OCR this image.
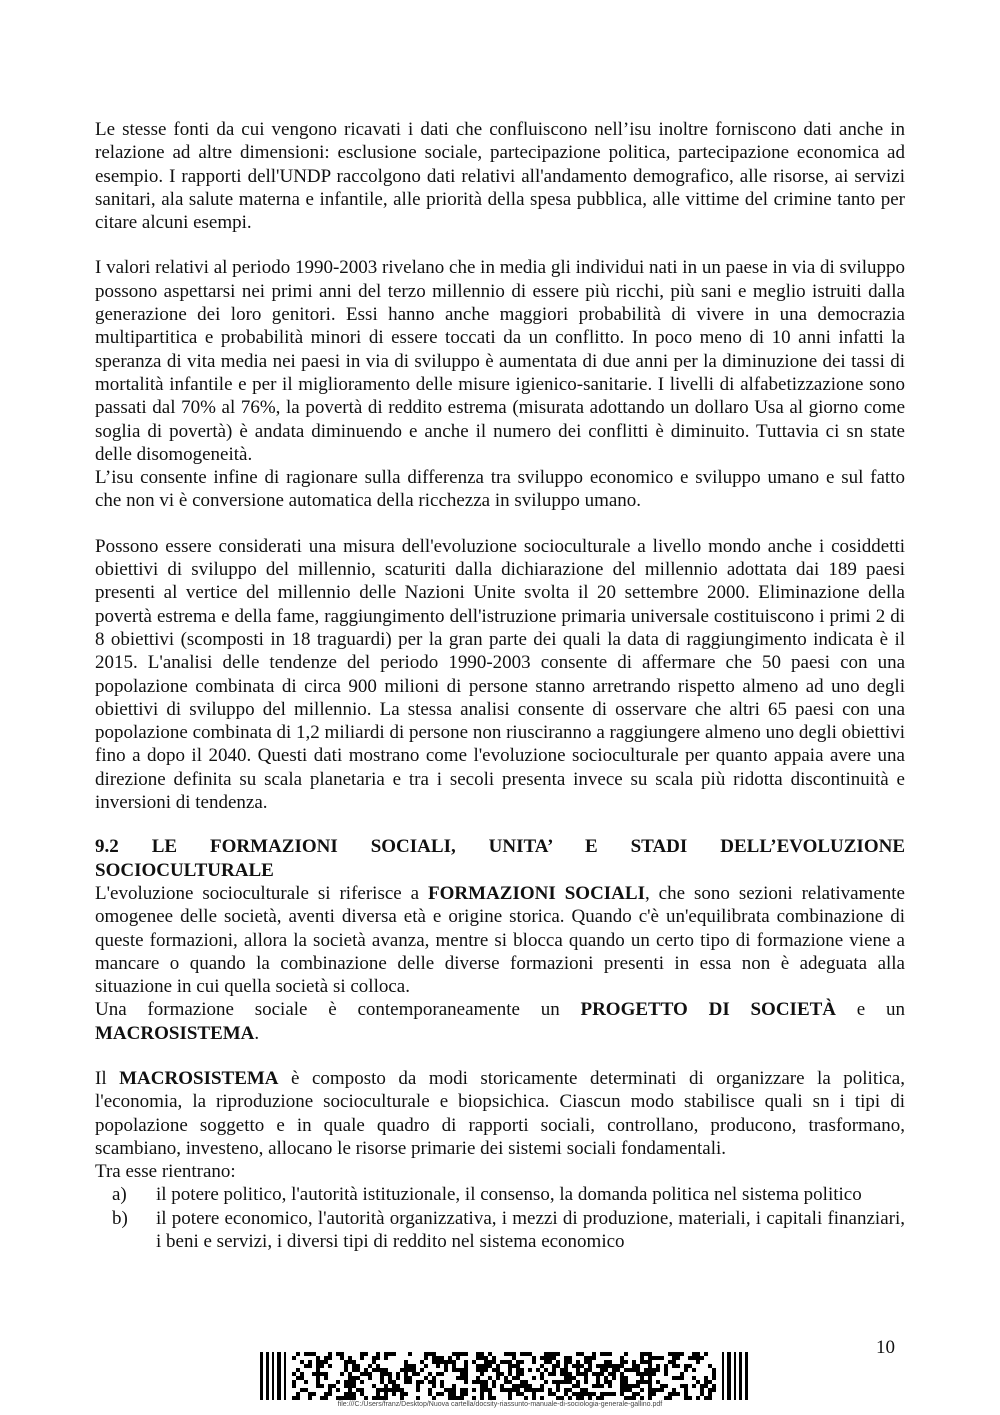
Le stesse fonti da cui vengono ricavati i dati che confluiscono nell’isu inoltre forniscono dati anche in relazione ad altre dimensioni: esclusione sociale, partecipazione politica, partecipazione economica ad esempio. I rapporti dell'UNDP raccolgono dati relativi all'andamento demografico, alle risorse, ai servizi sanitari, ala salute materna e infantile, alle priorità della spesa pubblica, alle vittime del crimine tanto per citare alcuni esempi.

I valori relativi al periodo 1990-2003 rivelano che in media gli individui nati in un paese in via di sviluppo possono aspettarsi nei primi anni del terzo millennio di essere più ricchi, più sani e meglio istruiti dalla generazione dei loro genitori. Essi hanno anche maggiori probabilità di vivere in una democrazia multipartitica e probabilità minori di essere toccati da un conflitto. In poco meno di 10 anni infatti la speranza di vita media nei paesi in via di sviluppo è aumentata di due anni per la diminuzione dei tassi di mortalità infantile e per il miglioramento delle misure igienico-sanitarie. I livelli di alfabetizzazione sono passati dal 70% al 76%, la povertà di reddito estrema (misurata adottando un dollaro Usa al giorno come soglia di povertà) è andata diminuendo e anche il numero dei conflitti è diminuito. Tuttavia ci sn state delle disomogeneità.

L’isu consente infine di ragionare sulla differenza tra sviluppo economico e sviluppo umano e sul fatto che non vi è conversione automatica della ricchezza in sviluppo umano.

Possono essere considerati una misura dell'evoluzione socioculturale a livello mondo anche i cosiddetti obiettivi di sviluppo del millennio, scaturiti dalla dichiarazione del millennio adottata dai 189 paesi presenti al vertice del millennio delle Nazioni Unite svolta il 20 settembre 2000. Eliminazione della povertà estrema e della fame, raggiungimento dell'istruzione primaria universale costituiscono i primi 2 di 8 obiettivi (scomposti in 18 traguardi) per la gran parte dei quali la data di raggiungimento indicata è il 2015. L'analisi delle tendenze del periodo 1990-2003 consente di affermare che 50 paesi con una popolazione combinata di circa 900 milioni di persone stanno arretrando rispetto almeno ad uno degli obiettivi di sviluppo del millennio. La stessa analisi consente di osservare che altri 65 paesi con una popolazione combinata di 1,2 miliardi di persone non riusciranno a raggiungere almeno uno degli obiettivi fino a dopo il 2040. Questi dati mostrano come l'evoluzione socioculturale per quanto appaia avere una direzione definita su scala planetaria e tra i secoli presenta invece su scala più ridotta discontinuità e inversioni di tendenza.

9.2 LE FORMAZIONI SOCIALI, UNITA’ E STADI DELL’EVOLUZIONE

SOCIOCULTURALE

L'evoluzione socioculturale si riferisce a FORMAZIONI SOCIALI, che sono sezioni relativamente omogenee delle società, aventi diversa età e origine storica. Quando c'è un'equilibrata combinazione di queste formazioni, allora la società avanza, mentre si blocca quando un certo tipo di formazione viene a mancare o quando la combinazione delle diverse formazioni presenti in essa non è adeguata alla situazione in cui quella società si colloca.

Una formazione sociale è contemporaneamente un PROGETTO DI SOCIETÀ e un MACROSISTEMA.

Il MACROSISTEMA è composto da modi storicamente determinati di organizzare la politica, l'economia, la riproduzione socioculturale e biopsichica. Ciascun modo stabilisce quali sn i tipi di popolazione soggetto e in quale quadro di rapporti sociali, controllano, producono, trasformano, scambiano, investeno, allocano le risorse primarie dei sistemi sociali fondamentali.

Tra esse rientrano:

a) il potere politico, l'autorità istituzionale, il consenso, la domanda politica nel sistema politico
b) il potere economico, l'autorità organizzativa, i mezzi di produzione, materiali, i capitali finanziari, i beni e servizi, i diversi tipi di reddito nel sistema economico
10
file:///C:/Users/franz/Desktop/Nuova cartella/docsity-riassunto-manuale-di-sociologia-generale-gallino.pdf
